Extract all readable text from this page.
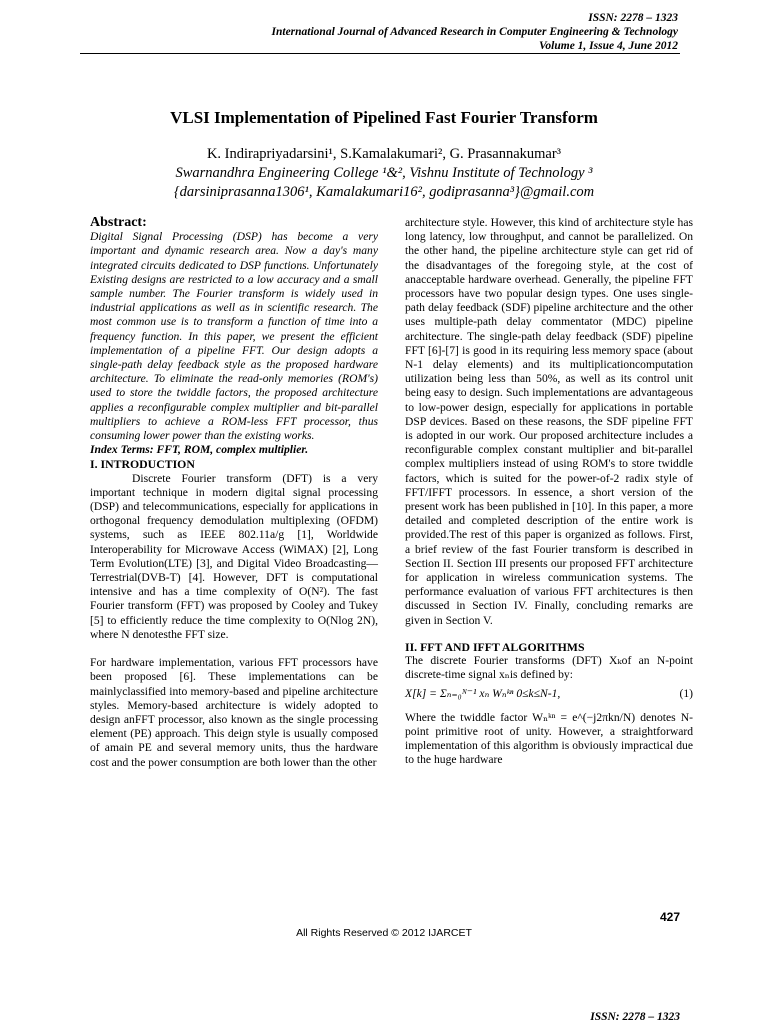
ISSN: 2278 – 1323
International Journal of Advanced Research in Computer Engineering & Technology
Volume 1, Issue 4, June 2012
VLSI Implementation of Pipelined Fast Fourier Transform
K. Indirapriyadarsini¹, S.Kamalakumari², G. Prasannakumar³
Swarnandhra Engineering College ¹&², Vishnu Institute of Technology ³
{darsiniprasanna1306¹, Kamalakumari16², godiprasanna³}@gmail.com

Abstract:

Digital Signal Processing (DSP) has become a very important and dynamic research area. Now a day's many integrated circuits dedicated to DSP functions. Unfortunately Existing designs are restricted to a low accuracy and a small sample number. The Fourier transform is widely used in industrial applications as well as in scientific research. The most common use is to transform a function of time into a frequency function. In this paper, we present the efficient implementation of a pipeline FFT. Our design adopts a single-path delay feedback style as the proposed hardware architecture. To eliminate the read-only memories (ROM's) used to store the twiddle factors, the proposed architecture applies a reconfigurable complex multiplier and bit-parallel multipliers to achieve a ROM-less FFT processor, thus consuming lower power than the existing works.

Index Terms: FFT, ROM, complex multiplier.

I. INTRODUCTION

Discrete Fourier transform (DFT) is a very important technique in modern digital signal processing (DSP) and telecommunications, especially for applications in orthogonal frequency demodulation multiplexing (OFDM) systems, such as IEEE 802.11a/g [1], Worldwide Interoperability for Microwave Access (WiMAX) [2], Long Term Evolution(LTE) [3], and Digital Video Broadcasting—Terrestrial(DVB-T) [4]. However, DFT is computational intensive and has a time complexity of O(N²). The fast Fourier transform (FFT) was proposed by Cooley and Tukey [5] to efficiently reduce the time complexity to O(Nlog 2N), where N denotesthe FFT size.

For hardware implementation, various FFT processors have been proposed [6]. These implementations can be mainlyclassified into memory-based and pipeline architecture styles. Memory-based architecture is widely adopted to design anFFT processor, also known as the single processing element (PE) approach. This deign style is usually composed of amain PE and several memory units, thus the hardware cost and the power consumption are both lower than the other

architecture style. However, this kind of architecture style has long latency, low throughput, and cannot be parallelized. On the other hand, the pipeline architecture style can get rid of the disadvantages of the foregoing style, at the cost of anacceptable hardware overhead. Generally, the pipeline FFT processors have two popular design types. One uses single-path delay feedback (SDF) pipeline architecture and the other uses multiple-path delay commentator (MDC) pipeline architecture. The single-path delay feedback (SDF) pipeline FFT [6]-[7] is good in its requiring less memory space (about N-1 delay elements) and its multiplicationcomputation utilization being less than 50%, as well as its control unit being easy to design. Such implementations are advantageous to low-power design, especially for applications in portable DSP devices. Based on these reasons, the SDF pipeline FFT is adopted in our work. Our proposed architecture includes a reconfigurable complex constant multiplier and bit-parallel complex multipliers instead of using ROM's to store twiddle factors, which is suited for the power-of-2 radix style of FFT/IFFT processors. In essence, a short version of the present work has been published in [10]. In this paper, a more detailed and completed description of the entire work is provided.The rest of this paper is organized as follows. First, a brief review of the fast Fourier transform is described in Section II. Section III presents our proposed FFT architecture for application in wireless communication systems. The performance evaluation of various FFT architectures is then discussed in Section IV. Finally, concluding remarks are given in Section V.

II. FFT AND IFFT ALGORITHMS

The discrete Fourier transforms (DFT) Xₖof an N-point discrete-time signal xₙis defined by:

X[k] = Σₙ₌₀ᴺ⁻¹ xₙ Wₙᵏⁿ 0≤k≤N-1,	(1)

Where the twiddle factor Wₙᵏⁿ = e^(−j2πkn/N) denotes N-point primitive root of unity. However, a straightforward implementation of this algorithm is obviously impractical due to the huge hardware

427
All Rights Reserved © 2012 IJARCET
ISSN: 2278 – 1323
